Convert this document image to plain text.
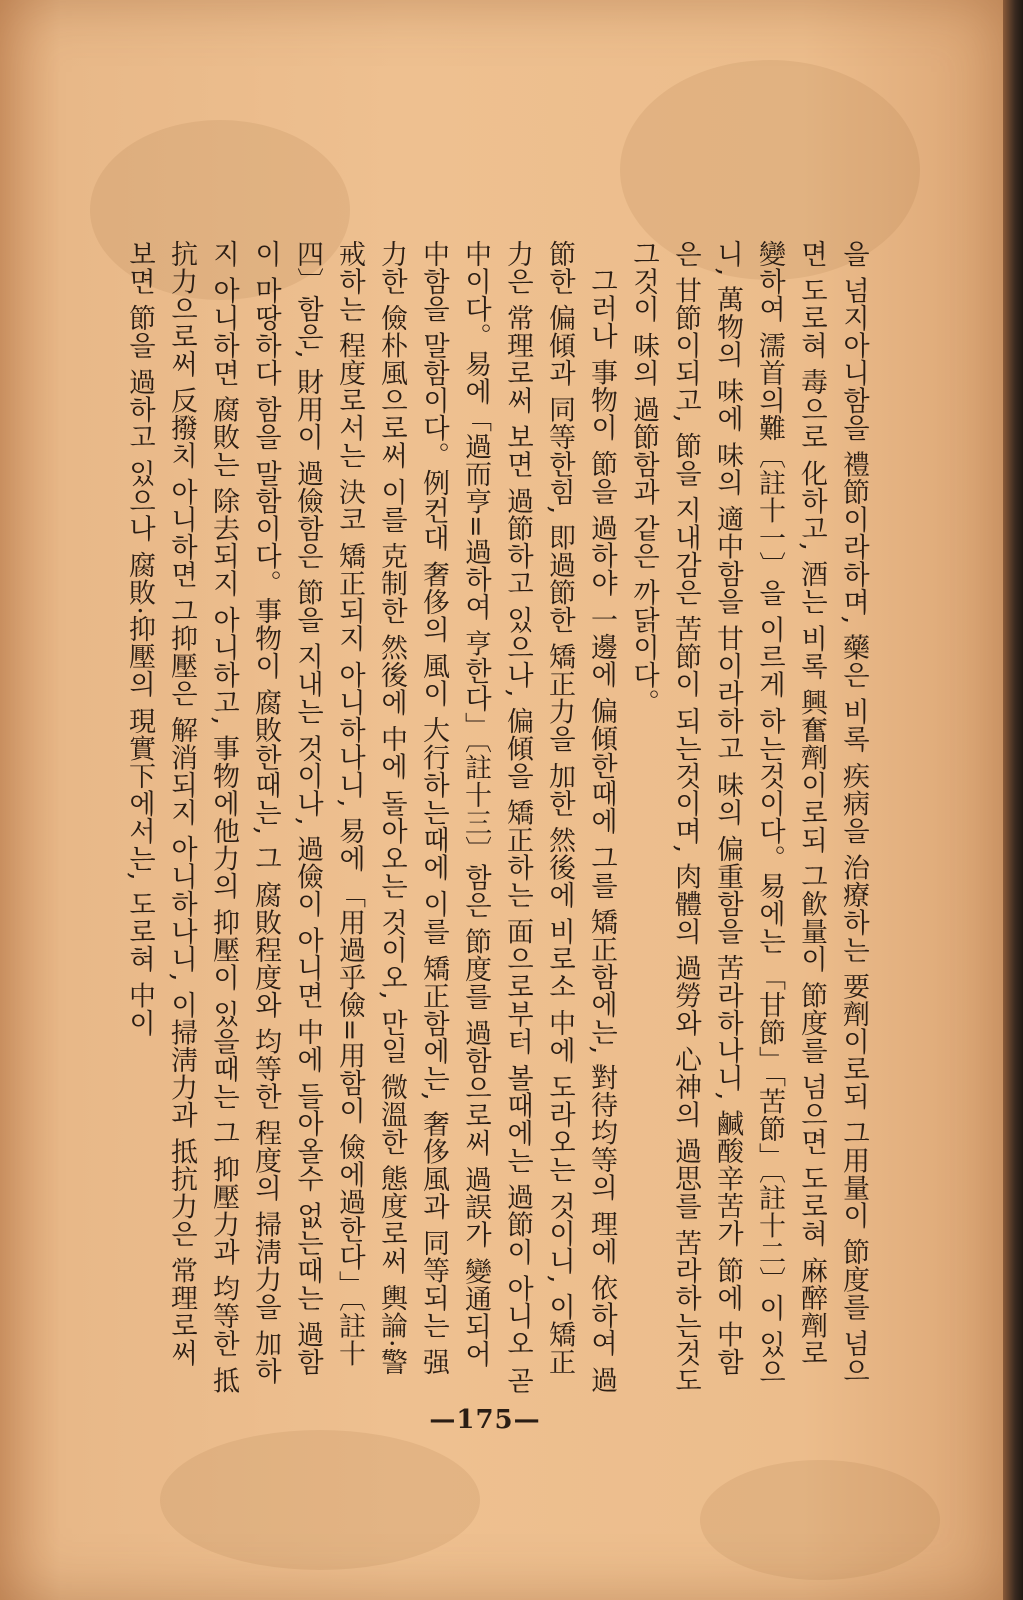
을 넘지아니함을 禮節이라하며, 藥은 비록 疾病을 治療하는 要劑이로되 그用量이 節度를 넘으면 도로혀 毒으로 化하고, 酒는 비록 興奮劑이로되 그飮量이 節度를 넘으면 도로혀 麻醉劑로 變하여 濡首의難〔註十一〕을 이르게 하는것이다。易에는 「甘節」「苦節」〔註十二〕이 있으니, 萬物의 味에 味의 適中함을 甘이라하고 味의 偏重함을 苦라하나니, 鹹酸辛苦가 節에 中함은 甘節이되고, 節을 지내감은 苦節이 되는것이며, 肉體의 過勞와 心神의 過思를 苦라하는것도 그것이 味의 過節함과 같은 까닭이다。

그러나 事物이 節을 過하야 一邊에 偏傾한때에 그를 矯正함에는, 對待均等의 理에 依하여 過節한 偏傾과 同等한힘, 即過節한 矯正力을 加한 然後에 비로소 中에 도라오는 것이니, 이矯正力은 常理로써 보면 過節하고 있으나, 偏傾을 矯正하는 面으로부터 볼때에는 過節이 아니오 곧 中이다。易에「過而亨=過하여 亨한다」〔註十三〕함은 節度를 過함으로써 過誤가 變通되어 中함을 말함이다。例컨대 奢侈의 風이 大行하는때에 이를 矯正함에는, 奢侈風과 同等되는 强力한 儉朴風으로써 이를 克制한 然後에 中에 돌아오는 것이오, 만일 微溫한 態度로써 輿論·警戒하는 程度로서는 決코 矯正되지 아니하나니, 易에 「用過乎儉=用함이 儉에過한다」〔註十四〕함은, 財用이 過儉함은 節을 지내는 것이나, 過儉이 아니면 中에 들아올수 없는때는 過함이 마땅하다 함을 말함이다。事物이 腐敗한때는, 그 腐敗程度와 均等한 程度의 掃淸力을 加하지 아니하면 腐敗는 除去되지 아니하고, 事物에他力의 抑壓이 있을때는 그 抑壓力과 均等한 抵抗力으로써 反撥치 아니하면 그抑壓은 解消되지 아니하나니, 이掃淸力과 抵抗力은 常理로써 보면 節을 過하고 있으나 腐敗·抑壓의 現實下에서는, 도로혀 中이

—175—
